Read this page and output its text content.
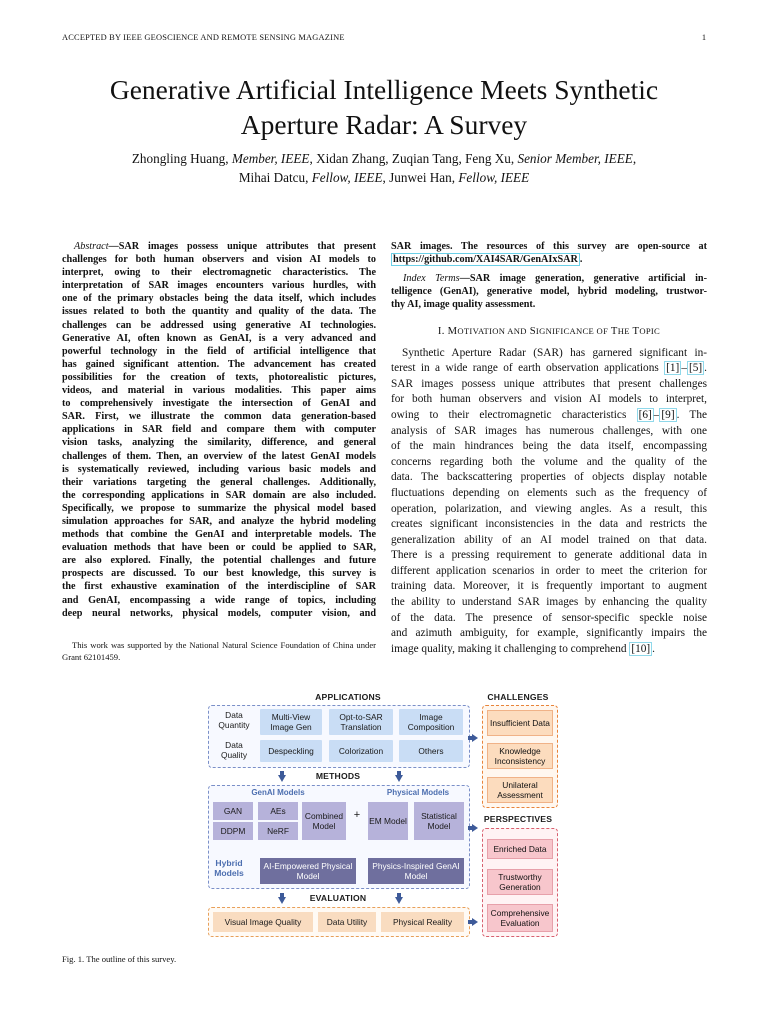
ACCEPTED BY IEEE GEOSCIENCE AND REMOTE SENSING MAGAZINE	1
Generative Artificial Intelligence Meets Synthetic
Aperture Radar: A Survey
Zhongling Huang, Member, IEEE, Xidan Zhang, Zuqian Tang, Feng Xu, Senior Member, IEEE,
Mihai Datcu, Fellow, IEEE, Junwei Han, Fellow, IEEE
Abstract—SAR images possess unique attributes that present
challenges for both human observers and vision AI models to
interpret, owing to their electromagnetic characteristics. The
interpretation of SAR images encounters various hurdles, with
one of the primary obstacles being the data itself, which includes
issues related to both the quantity and quality of the data. The
challenges can be addressed using generative AI technologies.
Generative AI, often known as GenAI, is a very advanced and
powerful technology in the field of artificial intelligence that
has gained significant attention. The advancement has created
possibilities for the creation of texts, photorealistic pictures,
videos, and material in various modalities. This paper aims
to comprehensively investigate the intersection of GenAI and
SAR. First, we illustrate the common data generation-based
applications in SAR field and compare them with computer
vision tasks, analyzing the similarity, difference, and general
challenges of them. Then, an overview of the latest GenAI models
is systematically reviewed, including various basic models and
their variations targeting the general challenges. Additionally,
the corresponding applications in SAR domain are also included.
Specifically, we propose to summarize the physical model based
simulation approaches for SAR, and analyze the hybrid modeling
methods that combine the GenAI and interpretable models. The
evaluation methods that have been or could be applied to SAR,
are also explored. Finally, the potential challenges and future
prospects are discussed. To our best knowledge, this survey is
the first exhaustive examination of the interdiscipline of SAR
and GenAI, encompassing a wide range of topics, including
deep neural networks, physical models, computer vision, and
This work was supported by the National Natural Science Foundation of China under Grant 62101459.
SAR images. The resources of this survey are open-source at
https://github.com/XAI4SAR/GenAIxSAR .
Index Terms—SAR image generation, generative artificial in-
telligence (GenAI), generative model, hybrid modeling, trustwor-
thy AI, image quality assessment.
I. MOTIVATION AND SIGNIFICANCE OF THE TOPIC
Synthetic Aperture Radar (SAR) has garnered significant in-
terest in a wide range of earth observation applications [1] – [5] .
SAR images possess unique attributes that present challenges
for both human observers and vision AI models to interpret,
owing to their electromagnetic characteristics [6] – [9] . The
analysis of SAR images has numerous challenges, with one
of the main hindrances being the data itself, encompassing
concerns regarding both the volume and the quality of the
data. The backscattering properties of objects display notable
fluctuations depending on elements such as the frequency of
operation, polarization, and viewing angles. As a result, this
creates significant inconsistencies in the data and restricts the
generalization ability of an AI model trained on that data.
There is a pressing requirement to generate additional data in
different application scenarios in order to meet the criterion for
training data. Moreover, it is frequently important to augment
the ability to understand SAR images by enhancing the quality
of the data. The presence of sensor-specific speckle noise
and azimuth ambiguity, for example, significantly impairs the
image quality, making it challenging to comprehend [10] .
APPLICATIONS
Data Quantity
Data Quality
Multi-View Image Gen
Opt-to-SAR Translation
Image Composition
Despeckling	Colorization	Others
METHODS
GenAI Models	Physical Models
GAN	AEs
DDPM	NeRF
Combined Model
+	EM Model	Statistical Model
Hybrid Models
AI-Empowered Physical Model
Physics-Inspired GenAI Model
EVALUATION
Visual Image Quality	Data Utility	Physical Reality
CHALLENGES
Insufficient Data
Knowledge Inconsistency
Unilateral Assessment
PERSPECTIVES
Enriched Data
Trustworthy Generation
Comprehensive Evaluation
Fig. 1. The outline of this survey.
